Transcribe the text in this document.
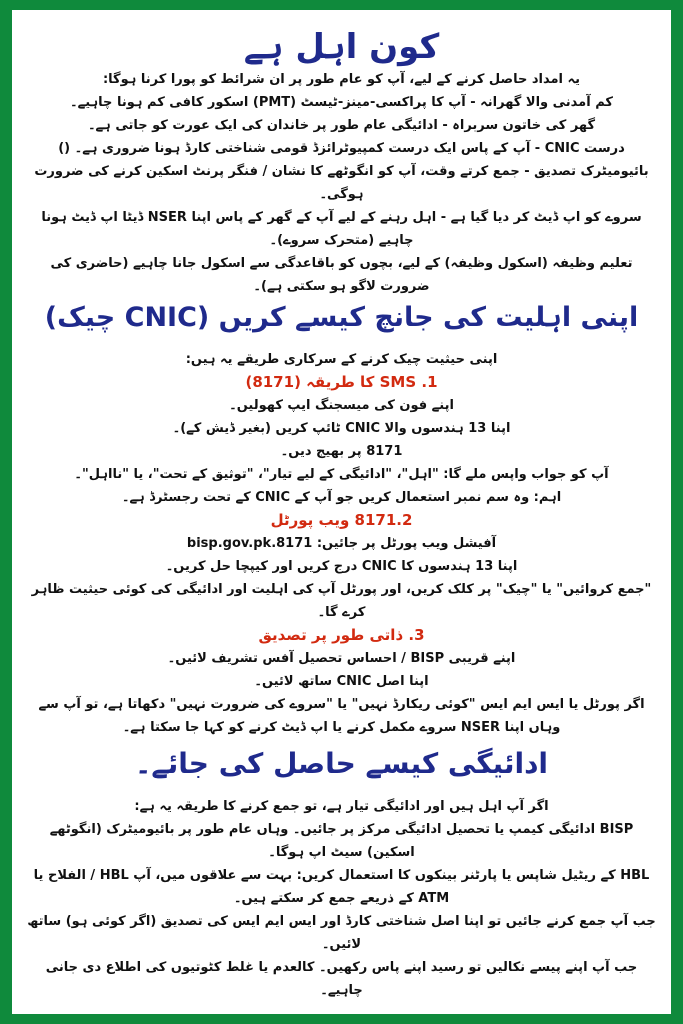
کون اہل ہے

یہ امداد حاصل کرنے کے لیے، آپ کو عام طور پر ان شرائط کو پورا کرنا ہوگا:

کم آمدنی والا گھرانہ - آپ کا پراکسی-مینز-ٹیسٹ (PMT) اسکور کافی کم ہونا چاہیے۔

گھر کی خاتون سربراہ - ادائیگی عام طور پر خاندان کی ایک عورت کو جاتی ہے۔

درست CNIC - آپ کے پاس ایک درست کمپیوٹرائزڈ قومی شناختی کارڈ ہونا ضروری ہے۔ ()

بائیومیٹرک تصدیق - جمع کرتے وقت، آپ کو انگوٹھے کا نشان / فنگر پرنٹ اسکین کرنے کی ضرورت ہوگی۔

سروے کو اپ ڈیٹ کر دیا گیا ہے - اہل رہنے کے لیے آپ کے گھر کے پاس اپنا NSER ڈیٹا اپ ڈیٹ ہونا چاہیے (متحرک سروے)۔

تعلیم وظیفہ (اسکول وظیفہ) کے لیے، بچوں کو باقاعدگی سے اسکول جانا چاہیے (حاضری کی ضرورت لاگو ہو سکتی ہے)۔

اپنی اہلیت کی جانچ کیسے کریں (CNIC چیک)

اپنی حیثیت چیک کرنے کے سرکاری طریقے یہ ہیں:

1. SMS کا طریقہ (8171)

اپنے فون کی میسجنگ ایپ کھولیں۔

اپنا 13 ہندسوں والا CNIC ٹائپ کریں (بغیر ڈیش کے)۔

8171 پر بھیج دیں۔

آپ کو جواب واپس ملے گا: "اہل"، "ادائیگی کے لیے تیار"، "توثیق کے تحت"، یا "نااہل"۔

اہم: وہ سم نمبر استعمال کریں جو آپ کے CNIC کے تحت رجسٹرڈ ہے۔

8171.2 ویب پورٹل

آفیشل ویب پورٹل پر جائیں: bisp.gov.pk.8171

اپنا 13 ہندسوں کا CNIC درج کریں اور کیپچا حل کریں۔

"جمع کروائیں" یا "چیک" پر کلک کریں، اور پورٹل آپ کی اہلیت اور ادائیگی کی کوئی حیثیت ظاہر کرے گا۔

3. ذاتی طور پر تصدیق

اپنے قریبی BISP / احساس تحصیل آفس تشریف لائیں۔

اپنا اصل CNIC ساتھ لائیں۔

اگر پورٹل یا ایس ایم ایس "کوئی ریکارڈ نہیں" یا "سروے کی ضرورت نہیں" دکھاتا ہے، تو آپ سے وہاں اپنا NSER سروے مکمل کرنے یا اپ ڈیٹ کرنے کو کہا جا سکتا ہے۔

ادائیگی کیسے حاصل کی جائے۔

اگر آپ اہل ہیں اور ادائیگی تیار ہے، تو جمع کرنے کا طریقہ یہ ہے:

BISP ادائیگی کیمپ یا تحصیل ادائیگی مرکز پر جائیں۔ وہاں عام طور پر بائیومیٹرک (انگوٹھے اسکین) سیٹ اپ ہوگا۔

HBL کے ریٹیل شاپس یا پارٹنر بینکوں کا استعمال کریں: بہت سے علاقوں میں، آپ HBL / الفلاح یا ATM کے ذریعے جمع کر سکتے ہیں۔

جب آپ جمع کرنے جائیں تو اپنا اصل شناختی کارڈ اور ایس ایم ایس کی تصدیق (اگر کوئی ہو) ساتھ لائیں۔

جب آپ اپنے پیسے نکالیں تو رسید اپنے پاس رکھیں۔ کالعدم یا غلط کٹوتیوں کی اطلاع دی جانی چاہیے۔
